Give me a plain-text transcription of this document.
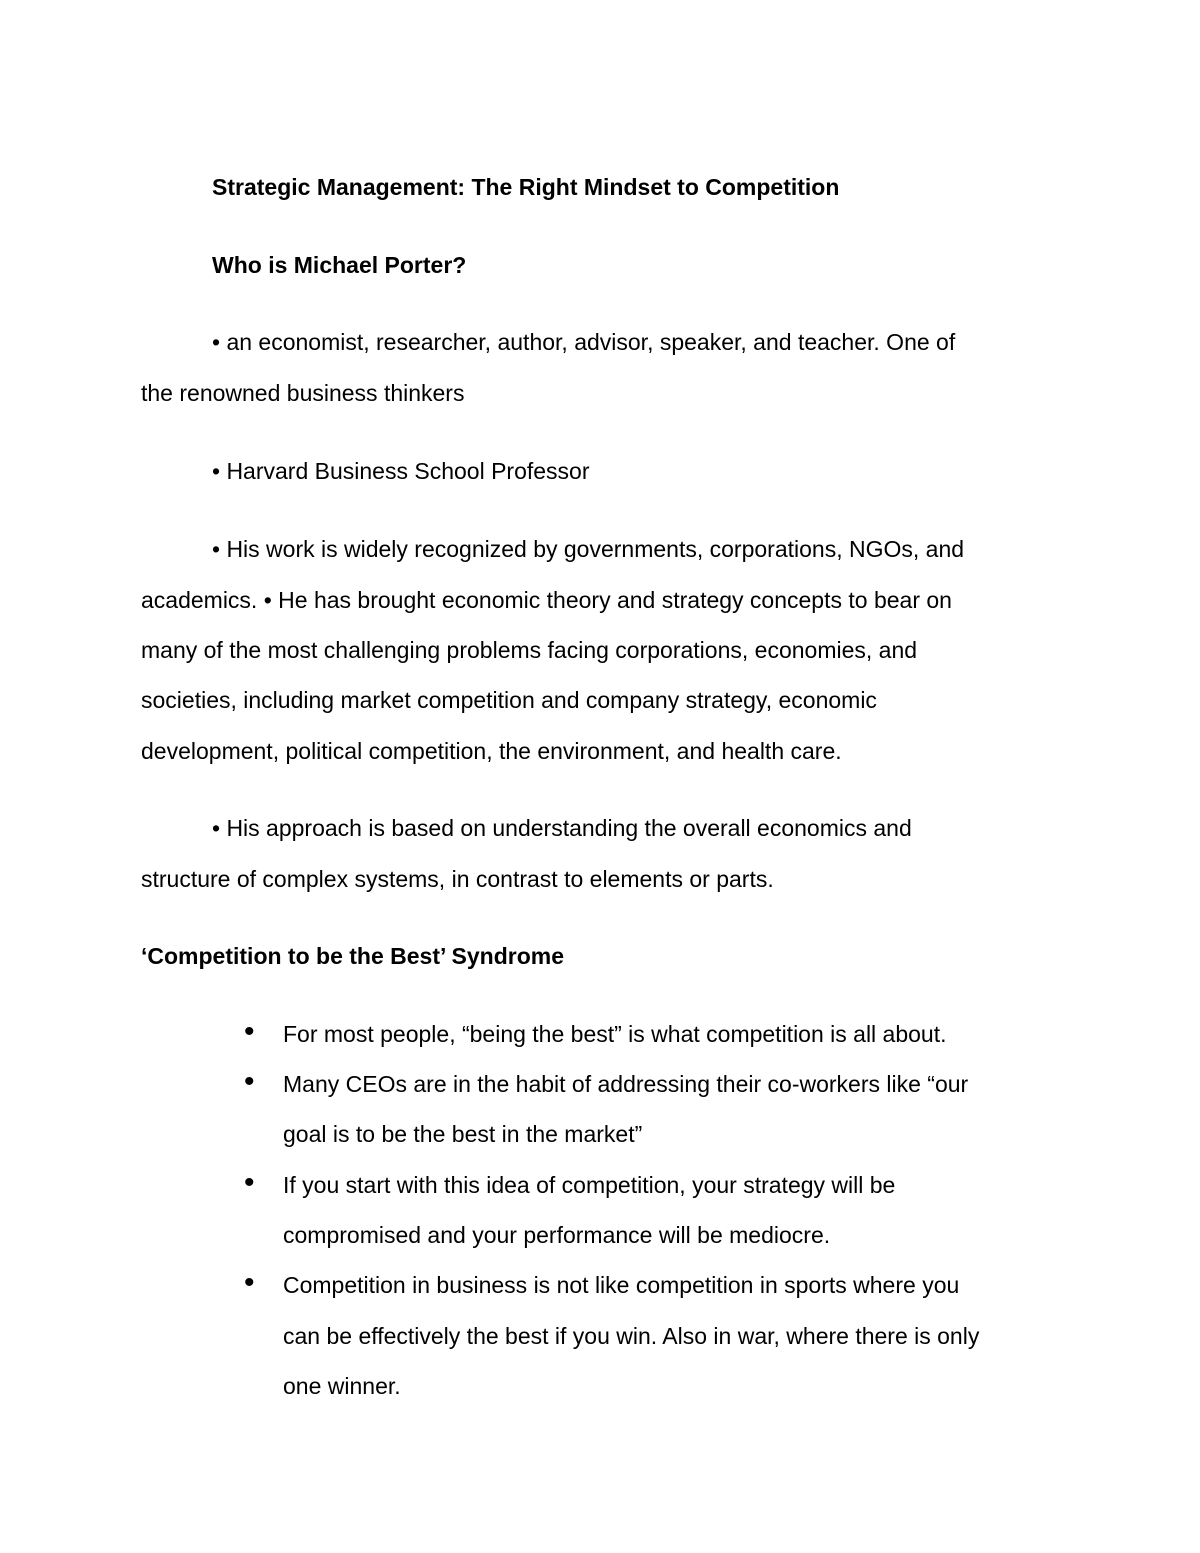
Strategic Management: The Right Mindset to Competition
Who is Michael Porter?
• an economist, researcher, author, advisor, speaker, and teacher. One of
the renowned business thinkers
• Harvard Business School Professor
• His work is widely recognized by governments, corporations, NGOs, and
academics. • He has brought economic theory and strategy concepts to bear on
many of the most challenging problems facing corporations, economies, and
societies, including market competition and company strategy, economic
development, political competition, the environment, and health care.
• His approach is based on understanding the overall economics and
structure of complex systems, in contrast to elements or parts.
‘Competition to be the Best’ Syndrome
• For most people, “being the best” is what competition is all about.
• Many CEOs are in the habit of addressing their co-workers like “our
goal is to be the best in the market”
• If you start with this idea of competition, your strategy will be
compromised and your performance will be mediocre.
• Competition in business is not like competition in sports where you
can be effectively the best if you win. Also in war, where there is only
one winner.
